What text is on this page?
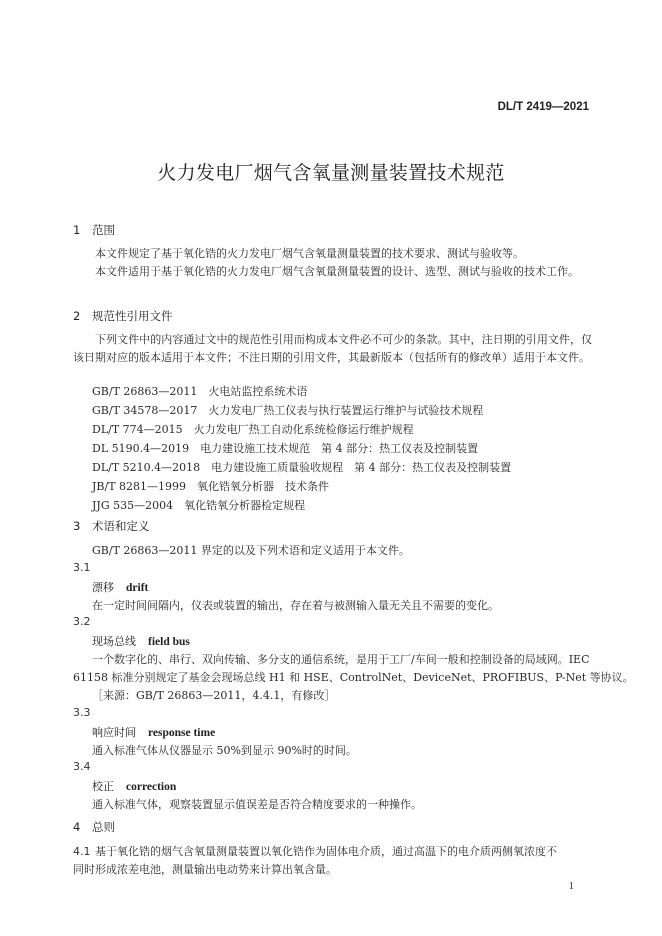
DL/T 2419—2021
火力发电厂烟气含氧量测量装置技术规范
1 范围

本文件规定了基于氧化锆的火力发电厂烟气含氧量测量装置的技术要求、测试与验收等。

本文件适用于基于氧化锆的火力发电厂烟气含氧量测量装置的设计、选型、测试与验收的技术工作。

2 规范性引用文件

下列文件中的内容通过文中的规范性引用而构成本文件必不可少的条款。其中，注日期的引用文件，仅该日期对应的版本适用于本文件；不注日期的引用文件，其最新版本（包括所有的修改单）适用于本文件。

GB/T 26863—2011　火电站监控系统术语
GB/T 34578—2017　火力发电厂热工仪表与执行装置运行维护与试验技术规程
DL/T 774—2015　火力发电厂热工自动化系统检修运行维护规程
DL 5190.4—2019　电力建设施工技术规范　第 4 部分：热工仪表及控制装置
DL/T 5210.4—2018　电力建设施工质量验收规程　第 4 部分：热工仪表及控制装置
JB/T 8281—1999　氧化锆氧分析器　技术条件
JJG 535—2004　氧化锆氧分析器检定规程
3 术语和定义
GB/T 26863—2011 界定的以及下列术语和定义适用于本文件。
3.1
漂移 drift
在一定时间间隔内，仪表或装置的输出，存在着与被测输入量无关且不需要的变化。
3.2
现场总线 field bus
一个数字化的、串行、双向传输、多分支的通信系统，是用于工厂/车间一般和控制设备的局域网。IEC
61158 标准分别规定了基金会现场总线 H1 和 HSE、ControlNet、DeviceNet、PROFIBUS、P-Net 等协议。
［来源：GB/T 26863—2011，4.4.1，有修改］
3.3
响应时间 response time
通入标准气体从仪器显示 50%到显示 90%时的时间。
3.4
校正 correction
通入标准气体，观察装置显示值误差是否符合精度要求的一种操作。
4 总则
4.1 基于氧化锆的烟气含氧量测量装置以氧化锆作为固体电介质，通过高温下的电介质两侧氧浓度不
同时形成浓差电池，测量输出电动势来计算出氧含量。
1
